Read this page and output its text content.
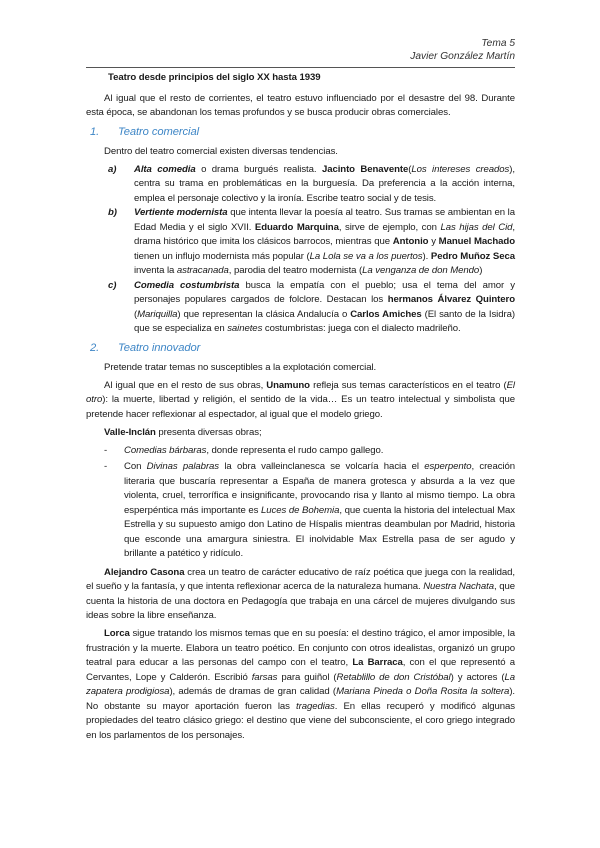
Tema 5
Javier González Martín

Teatro desde principios del siglo XX hasta 1939

Al igual que el resto de corrientes, el teatro estuvo influenciado por el desastre del 98. Durante esta época, se abandonan los temas profundos y se busca producir obras comerciales.

1. Teatro comercial

Dentro del teatro comercial existen diversas tendencias.

a) Alta comedia o drama burgués realista. Jacinto Benavente(Los intereses creados), centra su trama en problemáticas en la burguesía. Da preferencia a la acción interna, emplea el personaje colectivo y la ironía. Escribe teatro social y de tesis.
b) Vertiente modernista que intenta llevar la poesía al teatro. Sus tramas se ambientan en la Edad Media y el siglo XVII. Eduardo Marquina, sirve de ejemplo, con Las hijas del Cid, drama histórico que imita los clásicos barrocos, mientras que Antonio y Manuel Machado tienen un influjo modernista más popular (La Lola se va a los puertos). Pedro Muñoz Seca inventa la astracanada, parodia del teatro modernista (La venganza de don Mendo)
c) Comedia costumbrista busca la empatía con el pueblo; usa el tema del amor y personajes populares cargados de folclore. Destacan los hermanos Álvarez Quintero (Mariquilla) que representan la clásica Andalucía o Carlos Amiches (El santo de la Isidra) que se especializa en sainetes costumbristas: juega con el dialecto madrileño.
2. Teatro innovador

Pretende tratar temas no susceptibles a la explotación comercial.

Al igual que en el resto de sus obras, Unamuno refleja sus temas característicos en el teatro (El otro): la muerte, libertad y religión, el sentido de la vida… Es un teatro intelectual y simbolista que pretende hacer reflexionar al espectador, al igual que el modelo griego.

Valle-Inclán presenta diversas obras;

- Comedias bárbaras, donde representa el rudo campo gallego.
- Con Divinas palabras la obra valleinclanesca se volcaría hacia el esperpento, creación literaria que buscaría representar a España de manera grotesca y absurda a la vez que violenta, cruel, terrorífica e insignificante, provocando risa y llanto al mismo tiempo. La obra esperpéntica más importante es Luces de Bohemia, que cuenta la historia del intelectual Max Estrella y su supuesto amigo don Latino de Híspalis mientras deambulan por Madrid, historia que esconde una amargura siniestra. El inolvidable Max Estrella pasa de ser agudo y brillante a patético y ridículo.

Alejandro Casona crea un teatro de carácter educativo de raíz poética que juega con la realidad, el sueño y la fantasía, y que intenta reflexionar acerca de la naturaleza humana. Nuestra Nachata, que cuenta la historia de una doctora en Pedagogía que trabaja en una cárcel de mujeres divulgando sus ideas sobre la libre enseñanza.

Lorca sigue tratando los mismos temas que en su poesía: el destino trágico, el amor imposible, la frustración y la muerte. Elabora un teatro poético. En conjunto con otros idealistas, organizó un grupo teatral para educar a las personas del campo con el teatro, La Barraca, con el que representó a Cervantes, Lope y Calderón. Escribió farsas para guiñol (Retablillo de don Cristóbal) y actores (La zapatera prodigiosa), además de dramas de gran calidad (Mariana Pineda o Doña Rosita la soltera). No obstante su mayor aportación fueron las tragedias. En ellas recuperó y modificó algunas propiedades del teatro clásico griego: el destino que viene del subconsciente, el coro griego integrado en los parlamentos de los personajes.
